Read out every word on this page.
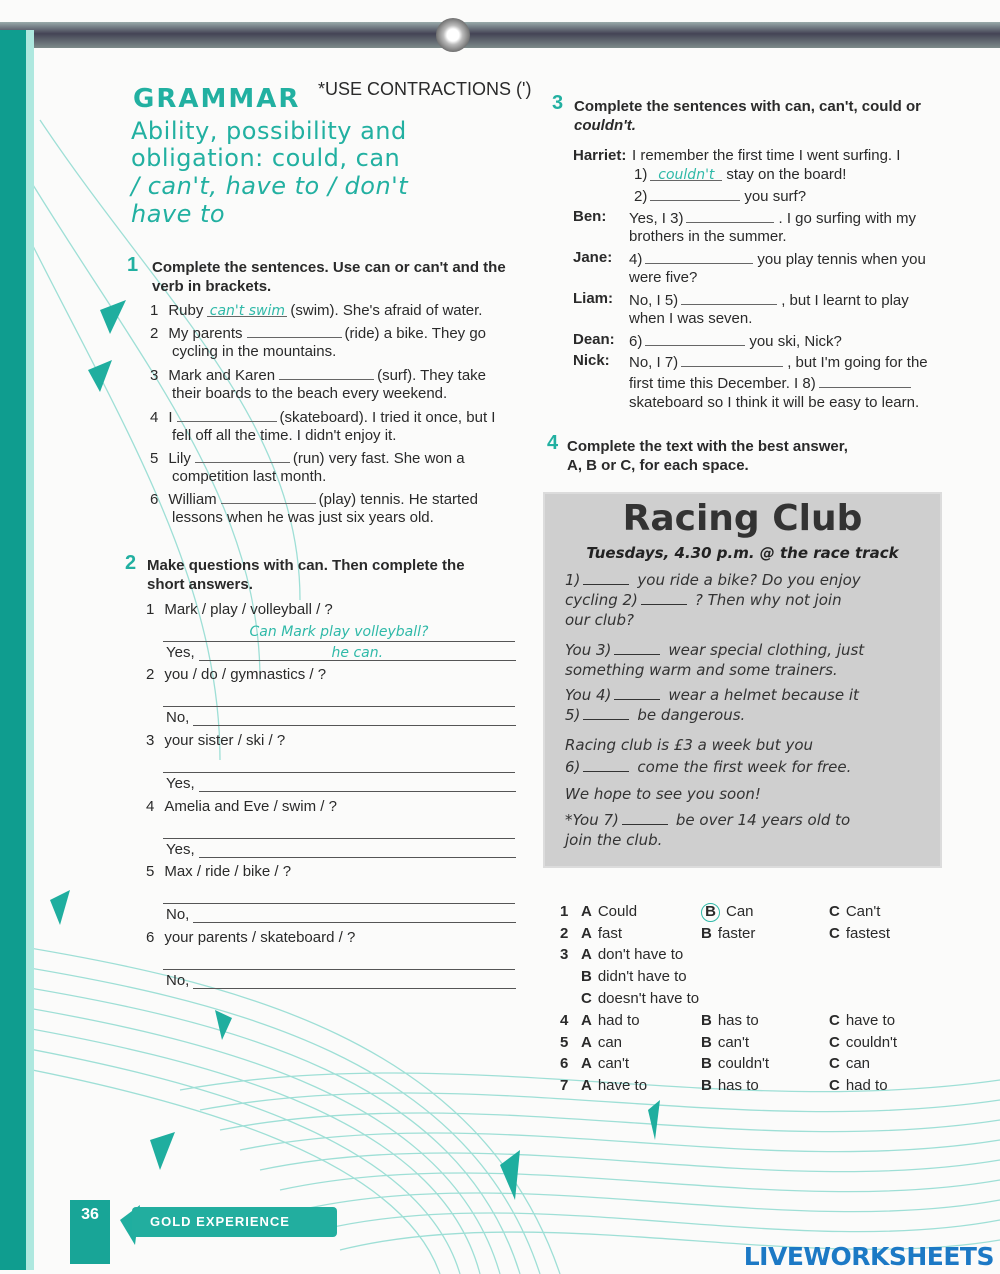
GRAMMAR *USE CONTRACTIONS (')
Ability, possibility and
obligation: could, can
/ can't, have to / don't
have to
1 Complete the sentences. Use can or can't and the
verb in brackets.
1 Ruby can't swim (swim). She's afraid of water.
2 My parents	(ride) a bike. They go
cycling in the mountains.
3 Mark and Karen	(surf). They take
their boards to the beach every weekend.
4 I	(skateboard). I tried it once, but I
fell off all the time. I didn't enjoy it.
5 Lily	(run) very fast. She won a
competition last month.
6 William	(play) tennis. He started
lessons when he was just six years old.
2 Make questions with can. Then complete the
short answers.
1 Mark / play / volleyball / ?
Can Mark play volleyball?
Yes,	he can.
2 you / do / gymnastics / ?
No,
3 your sister / ski / ?
Yes,
4 Amelia and Eve / swim / ?
Yes,
5 Max / ride / bike / ?
No,
6 your parents / skateboard / ?
No,
3 Complete the sentences with can, can't, could or
couldn't.
Harriet: I remember the first time I went surfing. I
1) couldn't stay on the board!
2)	you surf?
Ben: Yes, I 3)	. I go surfing with my
brothers in the summer.
Jane: 4)	you play tennis when you
were five?
Liam: No, I 5)	, but I learnt to play
when I was seven.
Dean: 6)	you ski, Nick?
Nick: No, I 7)	, but I'm going for the
first time this December. I 8)
skateboard so I think it will be easy to learn.
4 Complete the text with the best answer,
A, B or C, for each space.
Racing Club
Tuesdays, 4.30 p.m. @ the race track
1)	you ride a bike? Do you enjoy
cycling 2)	? Then why not join
our club?
You 3)	wear special clothing, just
something warm and some trainers.
You 4)	wear a helmet because it
5)	be dangerous.
Racing club is £3 a week but you
6)	come the first week for free.
We hope to see you soon!
*You 7)	be over 14 years old to
join the club.
1 A Could	B Can	C Can't
2 A fast	B faster	C fastest
3 A don't have to
B didn't have to
C doesn't have to
4 A had to	B has to	C have to
5 A can	B can't	C couldn't
6 A can't	B couldn't	C can
7 A have to	B has to	C had to
36	GOLD EXPERIENCE
LIVEWORKSHEETS
